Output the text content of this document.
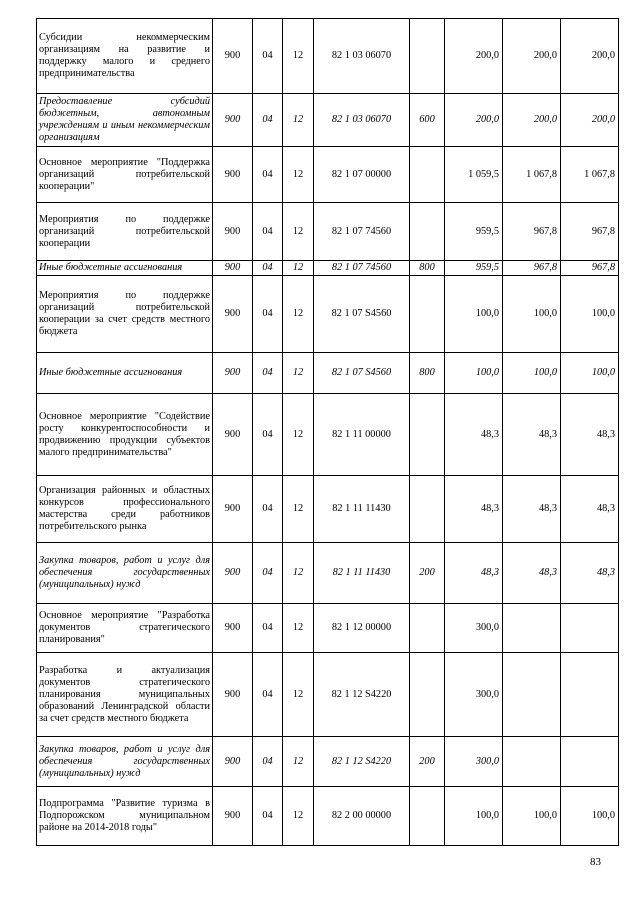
Субсидии некоммерческим организациям на развитие и поддержку малого и среднего предпринимательства	900	04	12	82 1 03 06070		200,0	200,0	200,0
Предоставление субсидий бюджетным, автономным учреждениям и иным некоммерческим организациям	900	04	12	82 1 03 06070	600	200,0	200,0	200,0
Основное мероприятие "Поддержка организаций потребительской кооперации"	900	04	12	82 1 07 00000		1 059,5	1 067,8	1 067,8
Мероприятия по поддержке организаций потребительской кооперации	900	04	12	82 1 07 74560		959,5	967,8	967,8
Иные бюджетные ассигнования	900	04	12	82 1 07 74560	800	959,5	967,8	967,8
Мероприятия по поддержке организаций потребительской кооперации за счет средств местного бюджета	900	04	12	82 1 07 S4560		100,0	100,0	100,0
Иные бюджетные ассигнования	900	04	12	82 1 07 S4560	800	100,0	100,0	100,0
Основное мероприятие "Содействие росту конкурентоспособности и продвижению продукции субъектов малого предпринимательства"	900	04	12	82 1 11 00000		48,3	48,3	48,3
Организация районных и областных конкурсов профессионального мастерства среди работников потребительского рынка	900	04	12	82 1 11 11430		48,3	48,3	48,3
Закупка товаров, работ и услуг для обеспечения государственных (муниципальных) нужд	900	04	12	82 1 11 11430	200	48,3	48,3	48,3
Основное мероприятие "Разработка документов стратегического планирования"	900	04	12	82 1 12 00000		300,0		
Разработка и актуализация документов стратегического планирования муниципальных образований Ленинградской области за счет средств местного бюджета	900	04	12	82 1 12 S4220		300,0		
Закупка товаров, работ и услуг для обеспечения государственных (муниципальных) нужд	900	04	12	82 1 12 S4220	200	300,0		
Подпрограмма "Развитие туризма в Подпорожском муниципальном районе на 2014-2018 годы"	900	04	12	82 2 00 00000		100,0	100,0	100,0
83
